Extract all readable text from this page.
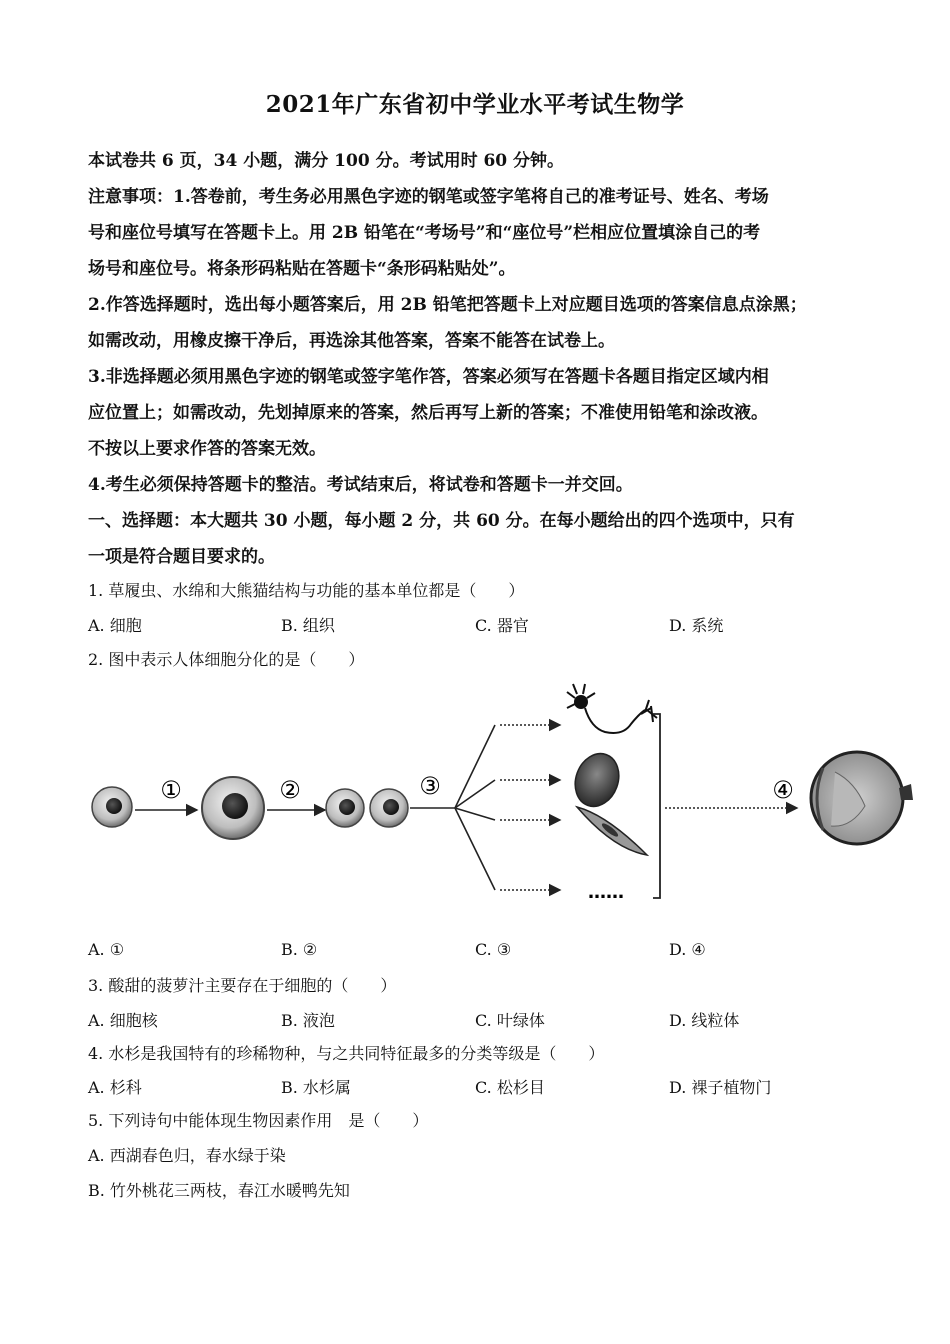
2021年广东省初中学业水平考试生物学
本试卷共 6 页，34 小题，满分 100 分。考试用时 60 分钟。
注意事项：1.答卷前，考生务必用黑色字迹的钢笔或签字笔将自己的准考证号、姓名、考场
号和座位号填写在答题卡上。用 2B 铅笔在“考场号”和“座位号”栏相应位置填涂自己的考
场号和座位号。将条形码粘贴在答题卡“条形码粘贴处”。
2.作答选择题时，选出每小题答案后，用 2B 铅笔把答题卡上对应题目选项的答案信息点涂黑；
如需改动，用橡皮擦干净后，再选涂其他答案，答案不能答在试卷上。
3.非选择题必须用黑色字迹的钢笔或签字笔作答，答案必须写在答题卡各题目指定区域内相
应位置上；如需改动，先划掉原来的答案，然后再写上新的答案；不准使用铅笔和涂改液。
不按以上要求作答的答案无效。
4.考生必须保持答题卡的整洁。考试结束后，将试卷和答题卡一并交回。
一、选择题：本大题共 30 小题，每小题 2 分，共 60 分。在每小题给出的四个选项中，只有
一项是符合题目要求的。
1. 草履虫、水绵和大熊猫结构与功能的基本单位都是（　　）
A. 细胞	B. 组织	C. 器官	D. 系统
2. 图中表示人体细胞分化的是（　　）
①	②	③
……
④
A. ①	B. ②	C. ③	D. ④
3. 酸甜的菠萝汁主要存在于细胞的（　　）
A. 细胞核	B. 液泡	C. 叶绿体	D. 线粒体
4. 水杉是我国特有的珍稀物种，与之共同特征最多的分类等级是（　　）
A. 杉科	B. 水杉属	C. 松杉目	D. 裸子植物门
5. 下列诗句中能体现生物因素作用　是（　　）
A. 西湖春色归，春水绿于染
B. 竹外桃花三两枝，春江水暖鸭先知
